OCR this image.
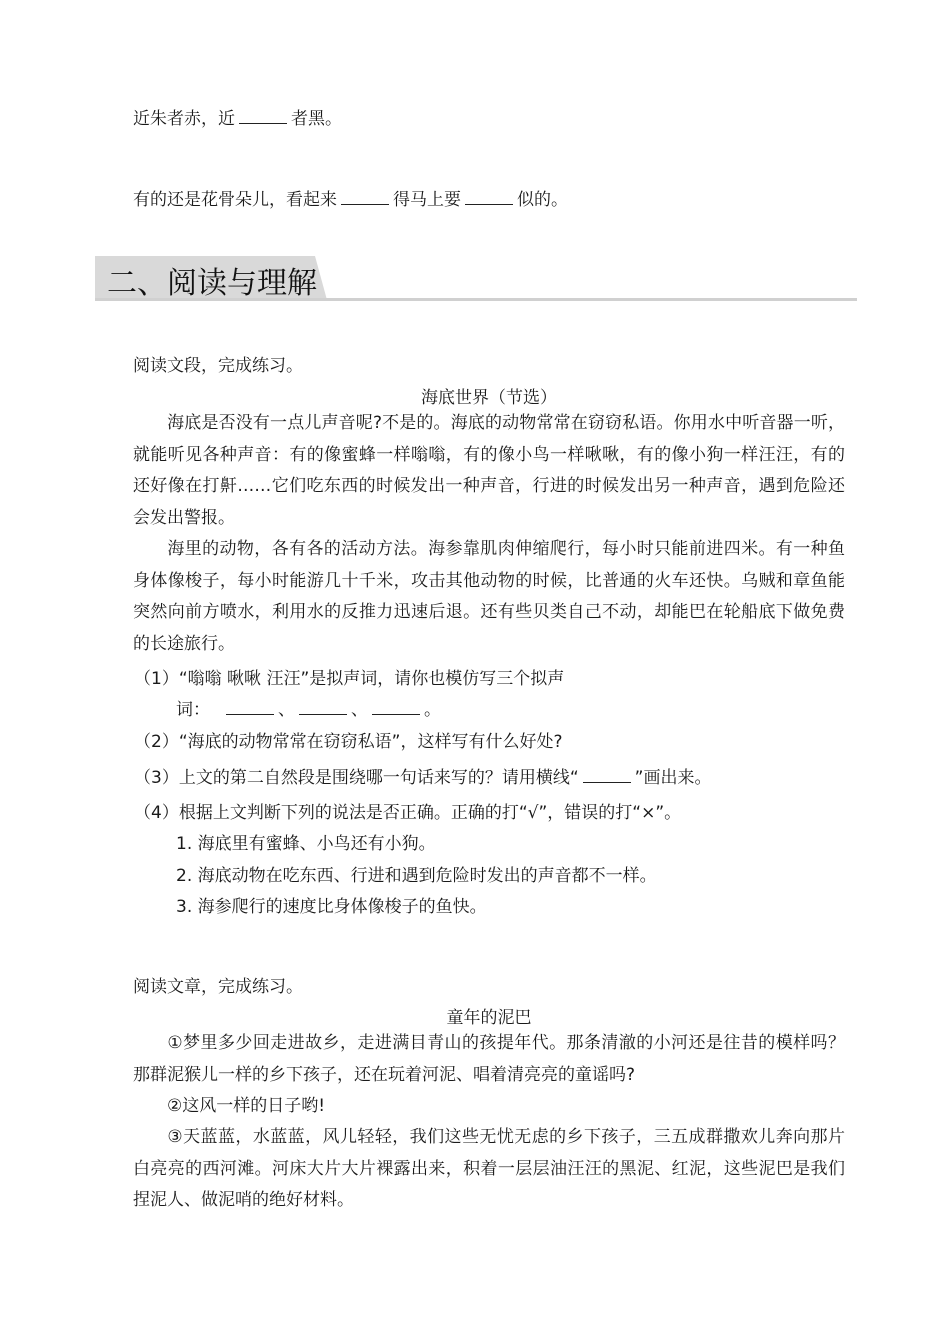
近朱者赤，近	者黑。
有的还是花骨朵儿，看起来	得马上要	似的。
二、阅读与理解
阅读文段，完成练习。
海底世界（节选）
海底是否没有一点儿声音呢?不是的。海底的动物常常在窃窃私语。你用水中听音器一听，就能听见各种声音：有的像蜜蜂一样嗡嗡，有的像小鸟一样啾啾，有的像小狗一样汪汪，有的还好像在打鼾……它们吃东西的时候发出一种声音，行进的时候发出另一种声音，遇到危险还会发出警报。
海里的动物，各有各的活动方法。海参靠肌肉伸缩爬行，每小时只能前进四米。有一种鱼身体像梭子，每小时能游几十千米，攻击其他动物的时候，比普通的火车还快。乌贼和章鱼能突然向前方喷水，利用水的反推力迅速后退。还有些贝类自己不动，却能巴在轮船底下做免费的长途旅行。
（1）“嗡嗡 啾啾 汪汪”是拟声词，请你也模仿写三个拟声
词：	、	、	。
（2）“海底的动物常常在窃窃私语”，这样写有什么好处?
（3）上文的第二自然段是围绕哪一句话来写的？请用横线“	”画出来。
（4）根据上文判断下列的说法是否正确。正确的打“√”，错误的打“×”。
1. 海底里有蜜蜂、小鸟还有小狗。
2. 海底动物在吃东西、行进和遇到危险时发出的声音都不一样。
3. 海参爬行的速度比身体像梭子的鱼快。
阅读文章，完成练习。
童年的泥巴
①梦里多少回走进故乡，走进满目青山的孩提年代。那条清澈的小河还是往昔的模样吗？那群泥猴儿一样的乡下孩子，还在玩着河泥、唱着清亮亮的童谣吗?
②这风一样的日子哟!
③天蓝蓝，水蓝蓝，风儿轻轻，我们这些无忧无虑的乡下孩子，三五成群撒欢儿奔向那片白亮亮的西河滩。河床大片大片裸露出来，积着一层层油汪汪的黑泥、红泥，这些泥巴是我们捏泥人、做泥哨的绝好材料。
